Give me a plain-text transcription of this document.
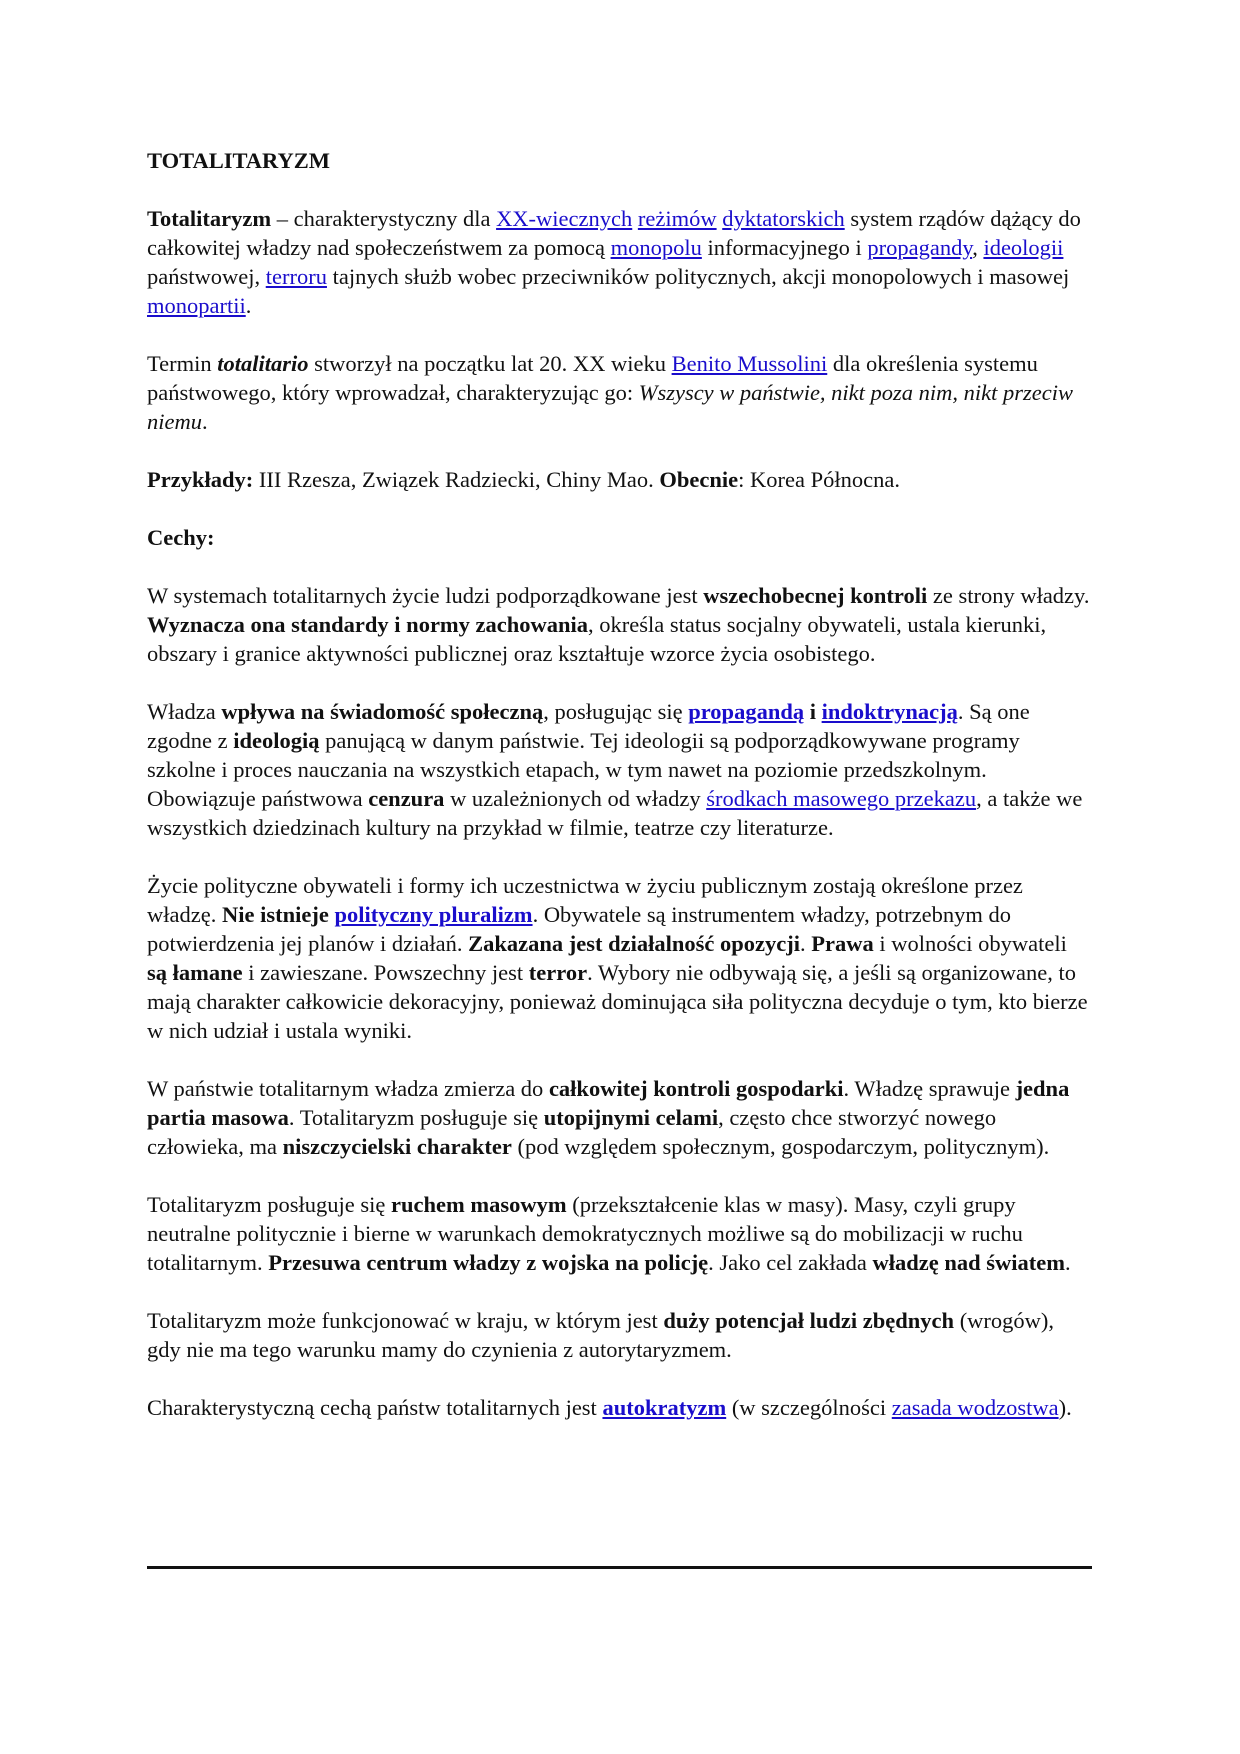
TOTALITARYZM

Totalitaryzm – charakterystyczny dla XX-wiecznych reżimów dyktatorskich system rządów dążący do całkowitej władzy nad społeczeństwem za pomocą monopolu informacyjnego i propagandy, ideologii państwowej, terroru tajnych służb wobec przeciwników politycznych, akcji monopolowych i masowej monopartii.

Termin totalitario stworzył na początku lat 20. XX wieku Benito Mussolini dla określenia systemu państwowego, który wprowadzał, charakteryzując go: Wszyscy w państwie, nikt poza nim, nikt przeciw niemu.

Przykłady: III Rzesza, Związek Radziecki, Chiny Mao. Obecnie: Korea Północna.

Cechy:

W systemach totalitarnych życie ludzi podporządkowane jest wszechobecnej kontroli ze strony władzy. Wyznacza ona standardy i normy zachowania, określa status socjalny obywateli, ustala kierunki, obszary i granice aktywności publicznej oraz kształtuje wzorce życia osobistego.

Władza wpływa na świadomość społeczną, posługując się propagandą i indoktrynacją. Są one zgodne z ideologią panującą w danym państwie. Tej ideologii są podporządkowywane programy szkolne i proces nauczania na wszystkich etapach, w tym nawet na poziomie przedszkolnym. Obowiązuje państwowa cenzura w uzależnionych od władzy środkach masowego przekazu, a także we wszystkich dziedzinach kultury na przykład w filmie, teatrze czy literaturze.

Życie polityczne obywateli i formy ich uczestnictwa w życiu publicznym zostają określone przez władzę. Nie istnieje polityczny pluralizm. Obywatele są instrumentem władzy, potrzebnym do potwierdzenia jej planów i działań. Zakazana jest działalność opozycji. Prawa i wolności obywateli są łamane i zawieszane. Powszechny jest terror. Wybory nie odbywają się, a jeśli są organizowane, to mają charakter całkowicie dekoracyjny, ponieważ dominująca siła polityczna decyduje o tym, kto bierze w nich udział i ustala wyniki.

W państwie totalitarnym władza zmierza do całkowitej kontroli gospodarki. Władzę sprawuje jedna partia masowa. Totalitaryzm posługuje się utopijnymi celami, często chce stworzyć nowego człowieka, ma niszczycielski charakter (pod względem społecznym, gospodarczym, politycznym).

Totalitaryzm posługuje się ruchem masowym (przekształcenie klas w masy). Masy, czyli grupy neutralne politycznie i bierne w warunkach demokratycznych możliwe są do mobilizacji w ruchu totalitarnym. Przesuwa centrum władzy z wojska na policję. Jako cel zakłada władzę nad światem.

Totalitaryzm może funkcjonować w kraju, w którym jest duży potencjał ludzi zbędnych (wrogów), gdy nie ma tego warunku mamy do czynienia z autorytaryzmem.

Charakterystyczną cechą państw totalitarnych jest autokratyzm (w szczególności zasada wodzostwa).
